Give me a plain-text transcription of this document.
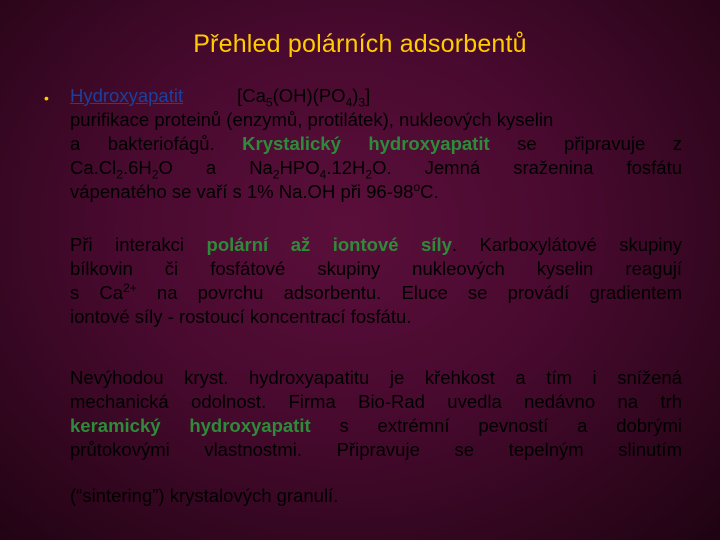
Přehled polárních adsorbentů
• Hydroxyapatit	$[Ca_5(OH)(PO_4)_3]$
purifikace proteinů (enzymů, protilátek), nukleových kyselin
a bakteriofágů. Krystalický hydroxyapatit se připravuje z
$Ca.Cl_2.6H_2O$ a $Na_2HPO_4.12H_2O$. Jemná sraženina fosfátu
vápenatého se vaří s 1% Na.OH při 96-98$^o$C.
Při interakci polární až iontové síly. Karboxylátové skupiny
bílkovin či fosfátové skupiny nukleových kyselin reagují
s $Ca^{2+}$ na povrchu adsorbentu. Eluce se provádí gradientem
iontové síly - rostoucí koncentrací fosfátu.
Nevýhodou kryst. hydroxyapatitu je křehkost a tím i snížená
mechanická odolnost. Firma Bio-Rad uvedla nedávno na trh
keramický hydroxyapatit s extrémní pevností a dobrými
průtokovými vlastnostmi. Připravuje se tepelným slinutím
(“sintering”) krystalových granulí.
